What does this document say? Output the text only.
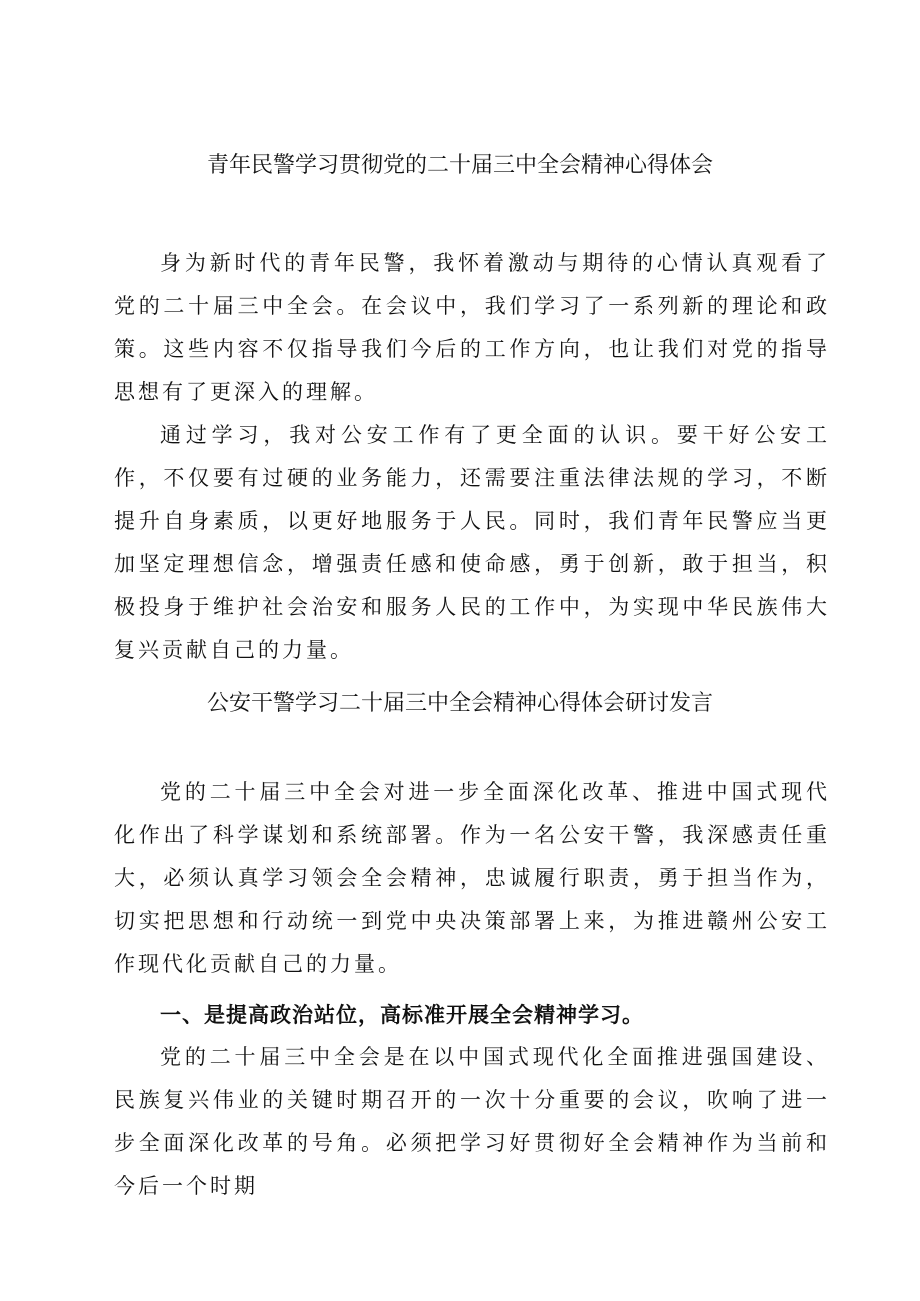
青年民警学习贯彻党的二十届三中全会精神心得体会

身为新时代的青年民警，我怀着激动与期待的心情认真观看了党的二十届三中全会。在会议中，我们学习了一系列新的理论和政策。这些内容不仅指导我们今后的工作方向，也让我们对党的指导思想有了更深入的理解。

通过学习，我对公安工作有了更全面的认识。要干好公安工作，不仅要有过硬的业务能力，还需要注重法律法规的学习，不断提升自身素质，以更好地服务于人民。同时，我们青年民警应当更加坚定理想信念，增强责任感和使命感，勇于创新，敢于担当，积极投身于维护社会治安和服务人民的工作中，为实现中华民族伟大复兴贡献自己的力量。

公安干警学习二十届三中全会精神心得体会研讨发言

党的二十届三中全会对进一步全面深化改革、推进中国式现代化作出了科学谋划和系统部署。作为一名公安干警，我深感责任重大，必须认真学习领会全会精神，忠诚履行职责，勇于担当作为，切实把思想和行动统一到党中央决策部署上来，为推进赣州公安工作现代化贡献自己的力量。

一、是提高政治站位，高标准开展全会精神学习。

党的二十届三中全会是在以中国式现代化全面推进强国建设、民族复兴伟业的关键时期召开的一次十分重要的会议，吹响了进一步全面深化改革的号角。必须把学习好贯彻好全会精神作为当前和今后一个时期
